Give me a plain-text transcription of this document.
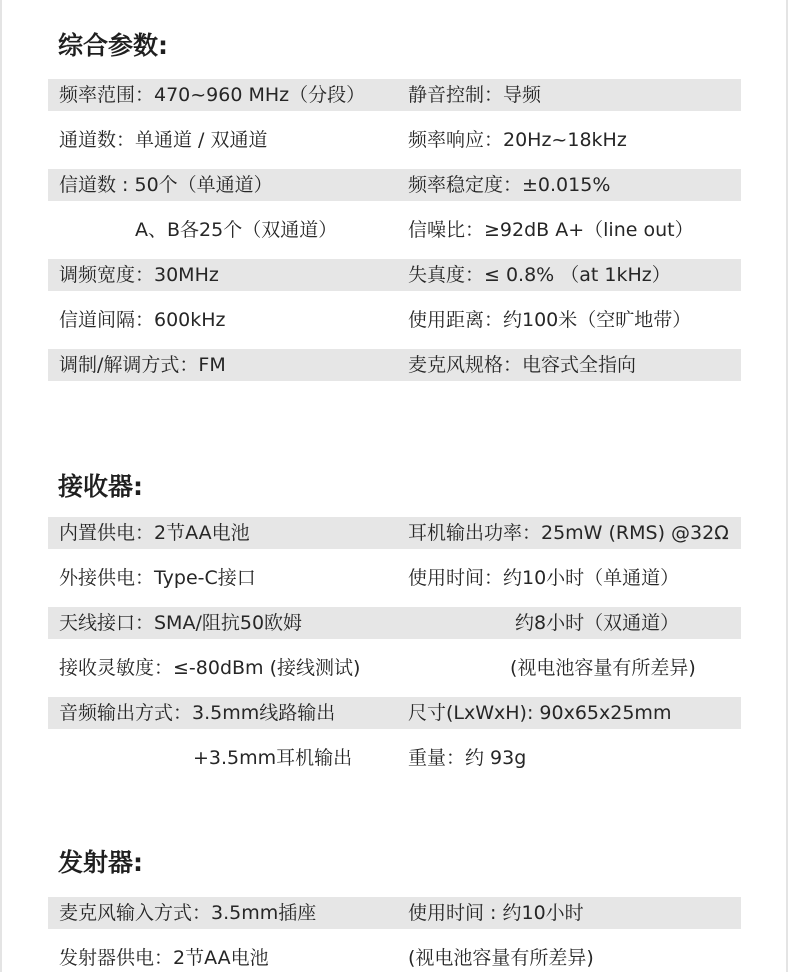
综合参数:
频率范围：470~960 MHz（分段） 静音控制：导频
通道数：单通道 / 双通道	频率响应：20Hz~18kHz
信道数 : 50个（单通道）	频率稳定度：±0.015%
A、B各25个（双通道）	信噪比：≥92dB A+（line out）
调频宽度：30MHz	失真度：≤ 0.8% （at 1kHz）
信道间隔：600kHz	使用距离：约100米（空旷地带）
调制/解调方式：FM	麦克风规格：电容式全指向
接收器:
内置供电：2节AA电池	耳机输出功率：25mW (RMS) @32Ω
外接供电：Type-C接口	使用时间：约10小时（单通道）
天线接口：SMA/阻抗50欧姆	约8小时（双通道）
接收灵敏度：≤-80dBm (接线测试)	(视电池容量有所差异)
音频输出方式：3.5mm线路输出	尺寸(LxWxH): 90x65x25mm
+3.5mm耳机输出	重量：约 93g
发射器:
麦克风输入方式：3.5mm插座	使用时间 : 约10小时
发射器供电：2节AA电池	(视电池容量有所差异)
